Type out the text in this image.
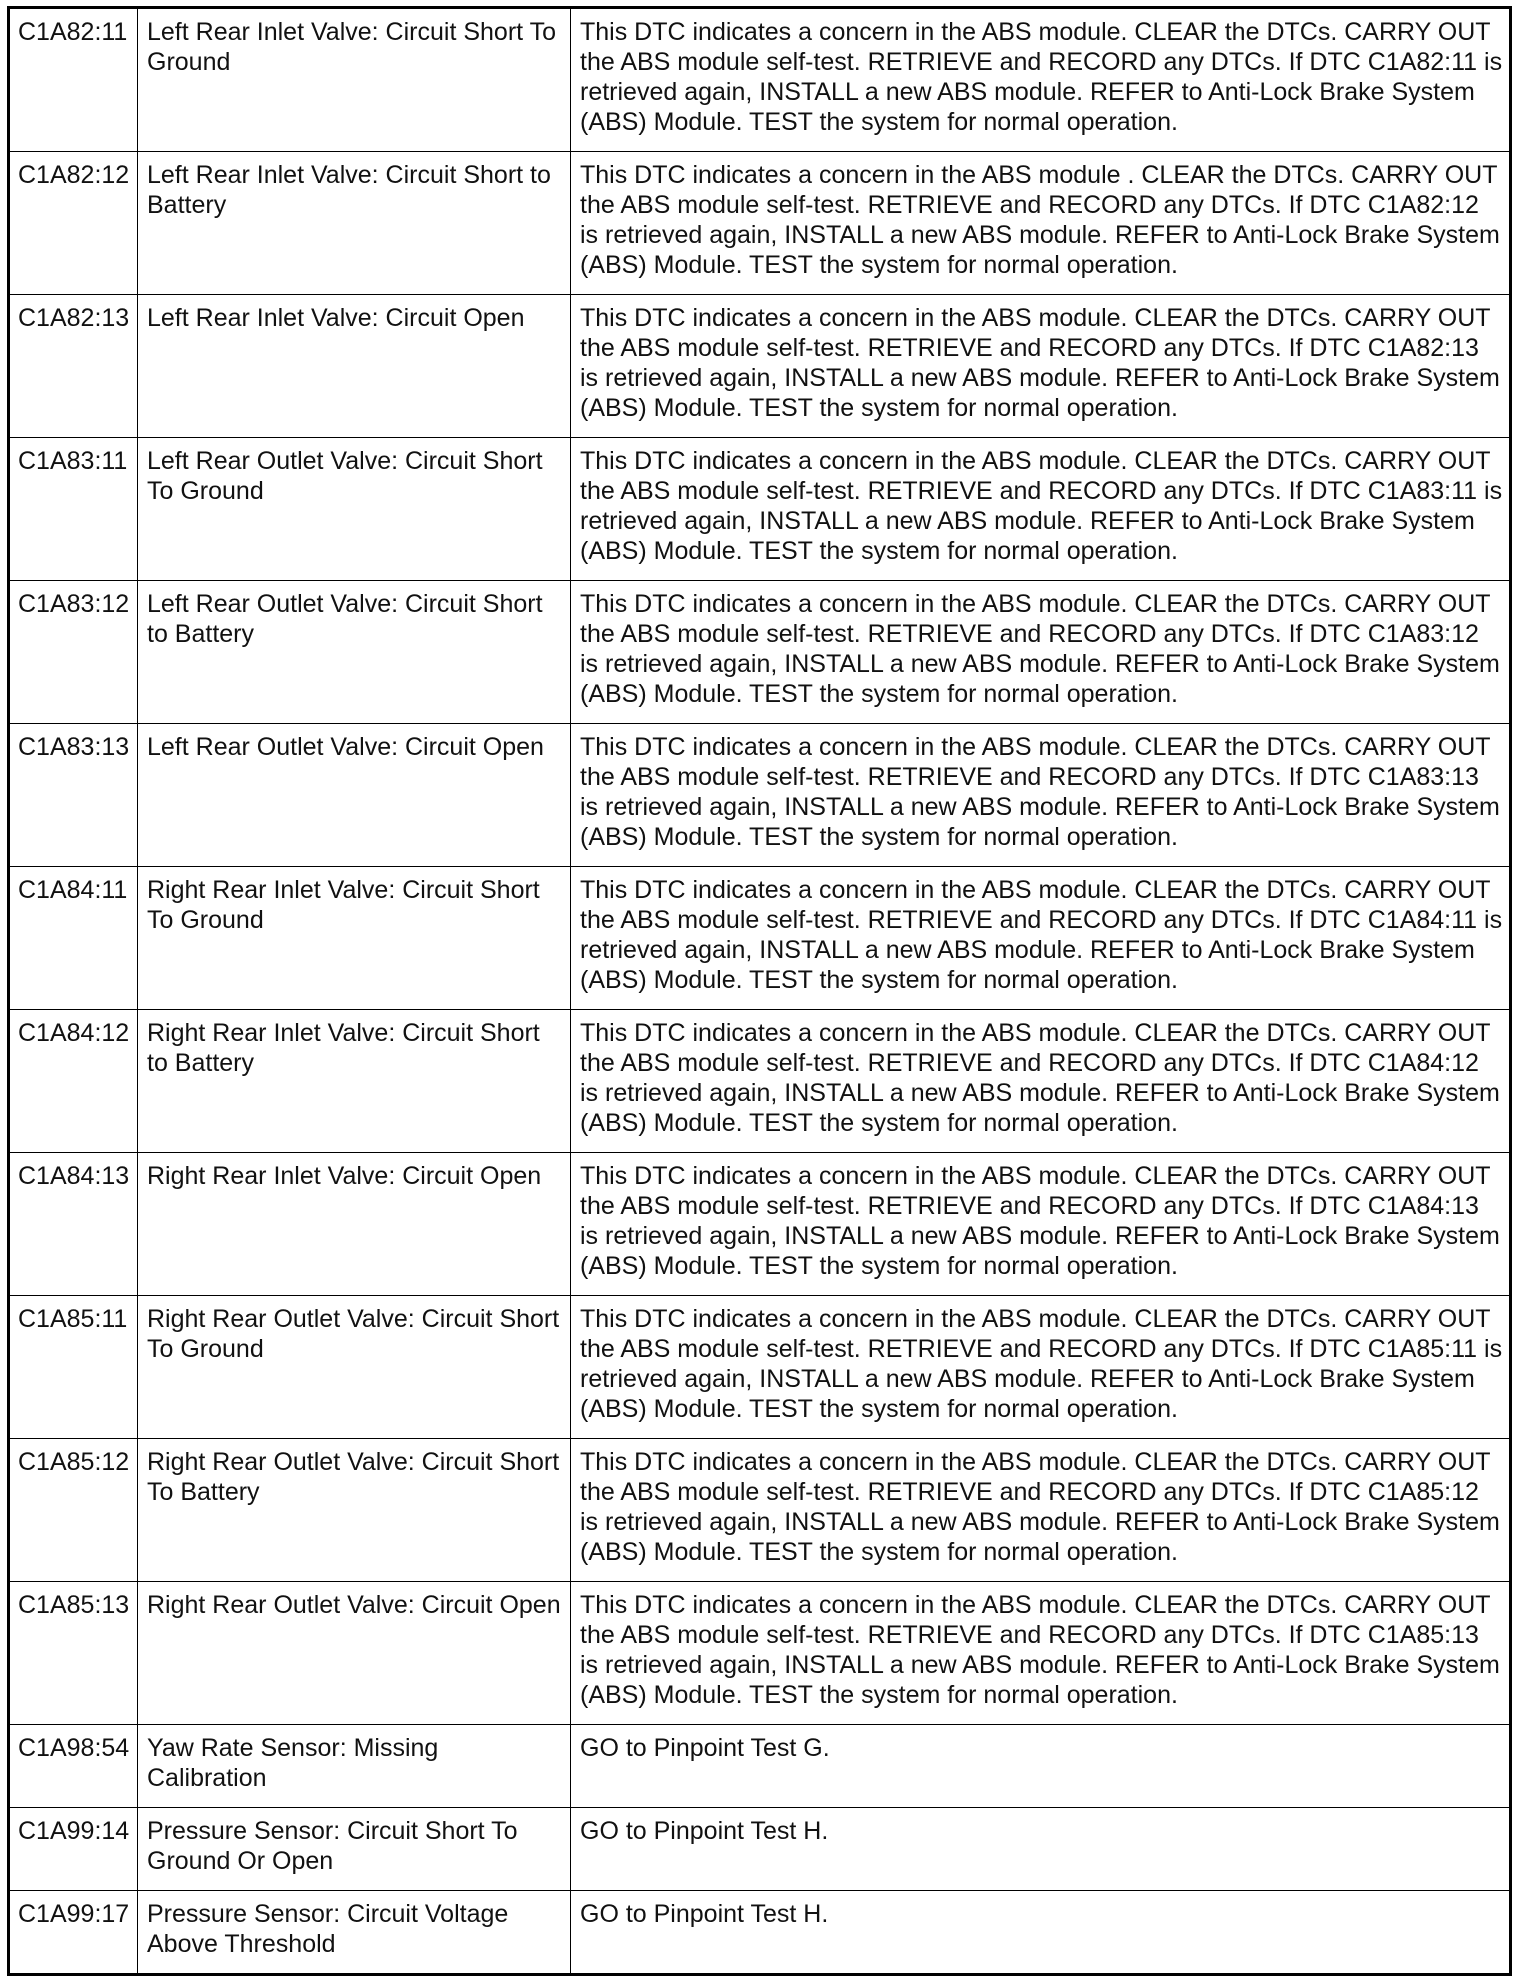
C1A82:11	Left Rear Inlet Valve: Circuit Short To Ground	This DTC indicates a concern in the ABS module. CLEAR the DTCs. CARRY OUT the ABS module self-test. RETRIEVE and RECORD any DTCs. If DTC C1A82:11 is retrieved again, INSTALL a new ABS module. REFER to Anti-Lock Brake System (ABS) Module. TEST the system for normal operation.
C1A82:12	Left Rear Inlet Valve: Circuit Short to Battery	This DTC indicates a concern in the ABS module . CLEAR the DTCs. CARRY OUT the ABS module self-test. RETRIEVE and RECORD any DTCs. If DTC C1A82:12 is retrieved again, INSTALL a new ABS module. REFER to Anti-Lock Brake System (ABS) Module. TEST the system for normal operation.
C1A82:13	Left Rear Inlet Valve: Circuit Open	This DTC indicates a concern in the ABS module. CLEAR the DTCs. CARRY OUT the ABS module self-test. RETRIEVE and RECORD any DTCs. If DTC C1A82:13 is retrieved again, INSTALL a new ABS module. REFER to Anti-Lock Brake System (ABS) Module. TEST the system for normal operation.
C1A83:11	Left Rear Outlet Valve: Circuit Short To Ground	This DTC indicates a concern in the ABS module. CLEAR the DTCs. CARRY OUT the ABS module self-test. RETRIEVE and RECORD any DTCs. If DTC C1A83:11 is retrieved again, INSTALL a new ABS module. REFER to Anti-Lock Brake System (ABS) Module. TEST the system for normal operation.
C1A83:12	Left Rear Outlet Valve: Circuit Short to Battery	This DTC indicates a concern in the ABS module. CLEAR the DTCs. CARRY OUT the ABS module self-test. RETRIEVE and RECORD any DTCs. If DTC C1A83:12 is retrieved again, INSTALL a new ABS module. REFER to Anti-Lock Brake System (ABS) Module. TEST the system for normal operation.
C1A83:13	Left Rear Outlet Valve: Circuit Open	This DTC indicates a concern in the ABS module. CLEAR the DTCs. CARRY OUT the ABS module self-test. RETRIEVE and RECORD any DTCs. If DTC C1A83:13 is retrieved again, INSTALL a new ABS module. REFER to Anti-Lock Brake System (ABS) Module. TEST the system for normal operation.
C1A84:11	Right Rear Inlet Valve: Circuit Short To Ground	This DTC indicates a concern in the ABS module. CLEAR the DTCs. CARRY OUT the ABS module self-test. RETRIEVE and RECORD any DTCs. If DTC C1A84:11 is retrieved again, INSTALL a new ABS module. REFER to Anti-Lock Brake System (ABS) Module. TEST the system for normal operation.
C1A84:12	Right Rear Inlet Valve: Circuit Short to Battery	This DTC indicates a concern in the ABS module. CLEAR the DTCs. CARRY OUT the ABS module self-test. RETRIEVE and RECORD any DTCs. If DTC C1A84:12 is retrieved again, INSTALL a new ABS module. REFER to Anti-Lock Brake System (ABS) Module. TEST the system for normal operation.
C1A84:13	Right Rear Inlet Valve: Circuit Open	This DTC indicates a concern in the ABS module. CLEAR the DTCs. CARRY OUT the ABS module self-test. RETRIEVE and RECORD any DTCs. If DTC C1A84:13 is retrieved again, INSTALL a new ABS module. REFER to Anti-Lock Brake System (ABS) Module. TEST the system for normal operation.
C1A85:11	Right Rear Outlet Valve: Circuit Short To Ground	This DTC indicates a concern in the ABS module. CLEAR the DTCs. CARRY OUT the ABS module self-test. RETRIEVE and RECORD any DTCs. If DTC C1A85:11 is retrieved again, INSTALL a new ABS module. REFER to Anti-Lock Brake System (ABS) Module. TEST the system for normal operation.
C1A85:12	Right Rear Outlet Valve: Circuit Short To Battery	This DTC indicates a concern in the ABS module. CLEAR the DTCs. CARRY OUT the ABS module self-test. RETRIEVE and RECORD any DTCs. If DTC C1A85:12 is retrieved again, INSTALL a new ABS module. REFER to Anti-Lock Brake System (ABS) Module. TEST the system for normal operation.
C1A85:13	Right Rear Outlet Valve: Circuit Open	This DTC indicates a concern in the ABS module. CLEAR the DTCs. CARRY OUT the ABS module self-test. RETRIEVE and RECORD any DTCs. If DTC C1A85:13 is retrieved again, INSTALL a new ABS module. REFER to Anti-Lock Brake System (ABS) Module. TEST the system for normal operation.
C1A98:54	Yaw Rate Sensor: Missing Calibration	GO to Pinpoint Test G.
C1A99:14	Pressure Sensor: Circuit Short To Ground Or Open	GO to Pinpoint Test H.
C1A99:17	Pressure Sensor: Circuit Voltage Above Threshold	GO to Pinpoint Test H.
